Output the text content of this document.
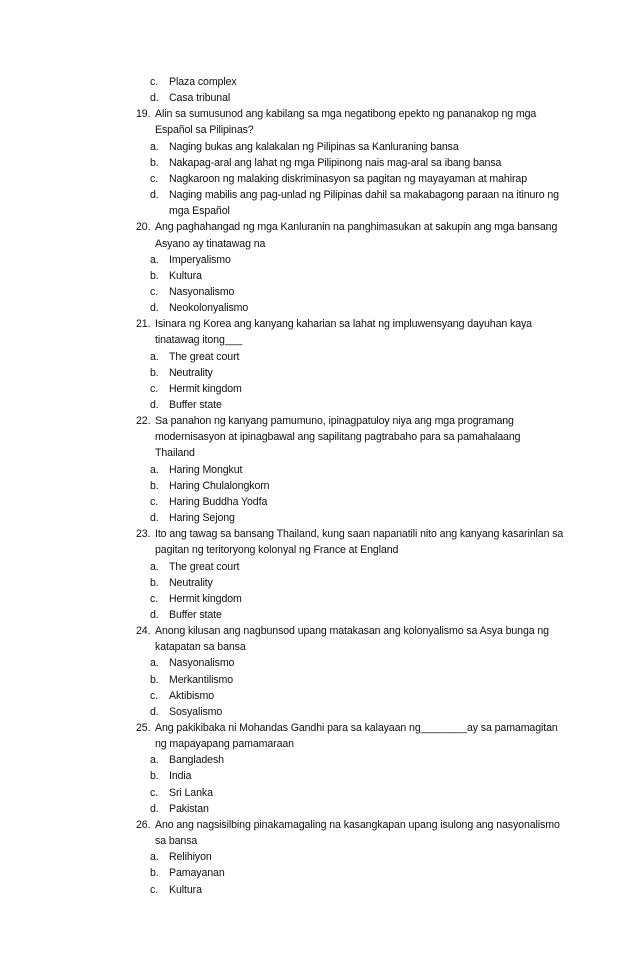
c. Plaza complex
d. Casa tribunal
19. Alin sa sumusunod ang kabilang sa mga negatibong epekto ng pananakop ng mga
Español sa Pilipinas?
a. Naging bukas ang kalakalan ng Pilipinas sa Kanluraning bansa
b. Nakapag-aral ang lahat ng mga Pilipinong nais mag-aral sa ibang bansa
c. Nagkaroon ng malaking diskriminasyon sa pagitan ng mayayaman at mahirap
d. Naging mabilis ang pag-unlad ng Pilipinas dahil sa makabagong paraan na itinuro ng
mga Español
20. Ang paghahangad ng mga Kanluranin na panghimasukan at sakupin ang mga bansang
Asyano ay tinatawag na
a. Imperyalismo
b. Kultura
c. Nasyonalismo
d. Neokolonyalismo
21. Isinara ng Korea ang kanyang kaharian sa lahat ng impluwensyang dayuhan kaya
tinatawag itong___
a. The great court
b. Neutrality
c. Hermit kingdom
d. Buffer state
22. Sa panahon ng kanyang pamumuno, ipinagpatuloy niya ang mga programang
modernisasyon at ipinagbawal ang sapilitang pagtrabaho para sa pamahalaang
Thailand
a. Haring Mongkut
b. Haring Chulalongkorn
c. Haring Buddha Yodfa
d. Haring Sejong
23. Ito ang tawag sa bansang Thailand, kung saan napanatili nito ang kanyang kasarinlan sa
pagitan ng teritoryong kolonyal ng France at England
a. The great court
b. Neutrality
c. Hermit kingdom
d. Buffer state
24. Anong kilusan ang nagbunsod upang matakasan ang kolonyalismo sa Asya bunga ng
katapatan sa bansa
a. Nasyonalismo
b. Merkantilismo
c. Aktibismo
d. Sosyalismo
25. Ang pakikibaka ni Mohandas Gandhi para sa kalayaan ng________ay sa pamamagitan
ng mapayapang pamamaraan
a. Bangladesh
b. India
c. Sri Lanka
d. Pakistan
26. Ano ang nagsisilbing pinakamagaling na kasangkapan upang isulong ang nasyonalismo
sa bansa
a. Relihiyon
b. Pamayanan
c. Kultura
